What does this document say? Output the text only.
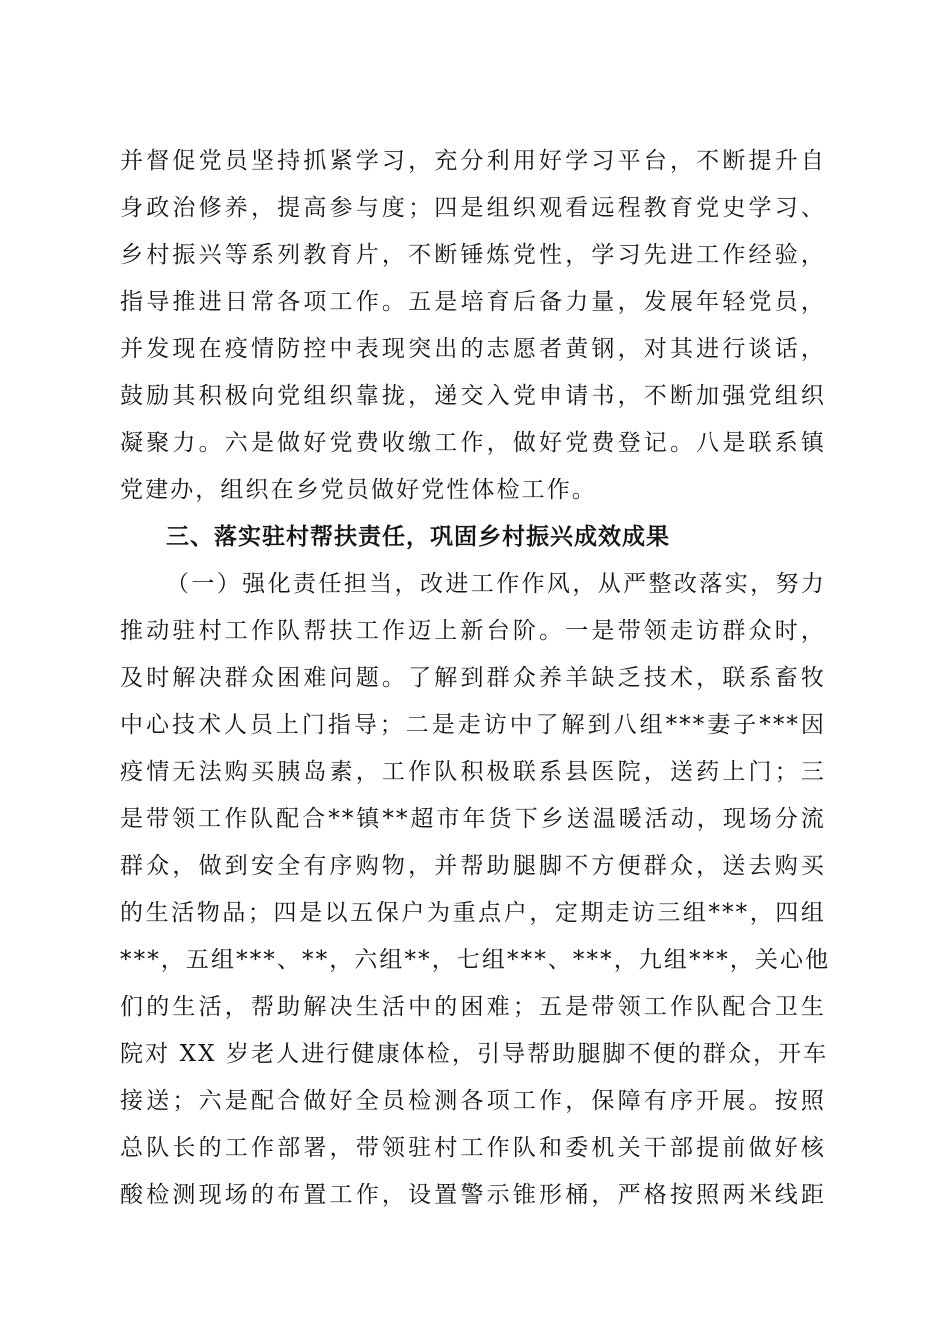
并督促党员坚持抓紧学习，充分利用好学习平台，不断提升自
身政治修养，提高参与度；四是组织观看远程教育党史学习、
乡村振兴等系列教育片，不断锤炼党性，学习先进工作经验，
指导推进日常各项工作。五是培育后备力量，发展年轻党员，
并发现在疫情防控中表现突出的志愿者黄钢，对其进行谈话，
鼓励其积极向党组织靠拢，递交入党申请书，不断加强党组织
凝聚力。六是做好党费收缴工作，做好党费登记。八是联系镇
党建办，组织在乡党员做好党性体检工作。
三、落实驻村帮扶责任，巩固乡村振兴成效成果
（一）强化责任担当，改进工作作风，从严整改落实，努力
推动驻村工作队帮扶工作迈上新台阶。一是带领走访群众时，
及时解决群众困难问题。了解到群众养羊缺乏技术，联系畜牧
中心技术人员上门指导；二是走访中了解到八组***妻子***因
疫情无法购买胰岛素，工作队积极联系县医院，送药上门；三
是带领工作队配合**镇**超市年货下乡送温暖活动，现场分流
群众，做到安全有序购物，并帮助腿脚不方便群众，送去购买
的生活物品；四是以五保户为重点户，定期走访三组***，四组
***，五组***、**，六组**，七组***、***，九组***，关心他
们的生活，帮助解决生活中的困难；五是带领工作队配合卫生
院对 XX 岁老人进行健康体检，引导帮助腿脚不便的群众，开车
接送；六是配合做好全员检测各项工作，保障有序开展。按照
总队长的工作部署，带领驻村工作队和委机关干部提前做好核
酸检测现场的布置工作，设置警示锥形桶，严格按照两米线距
